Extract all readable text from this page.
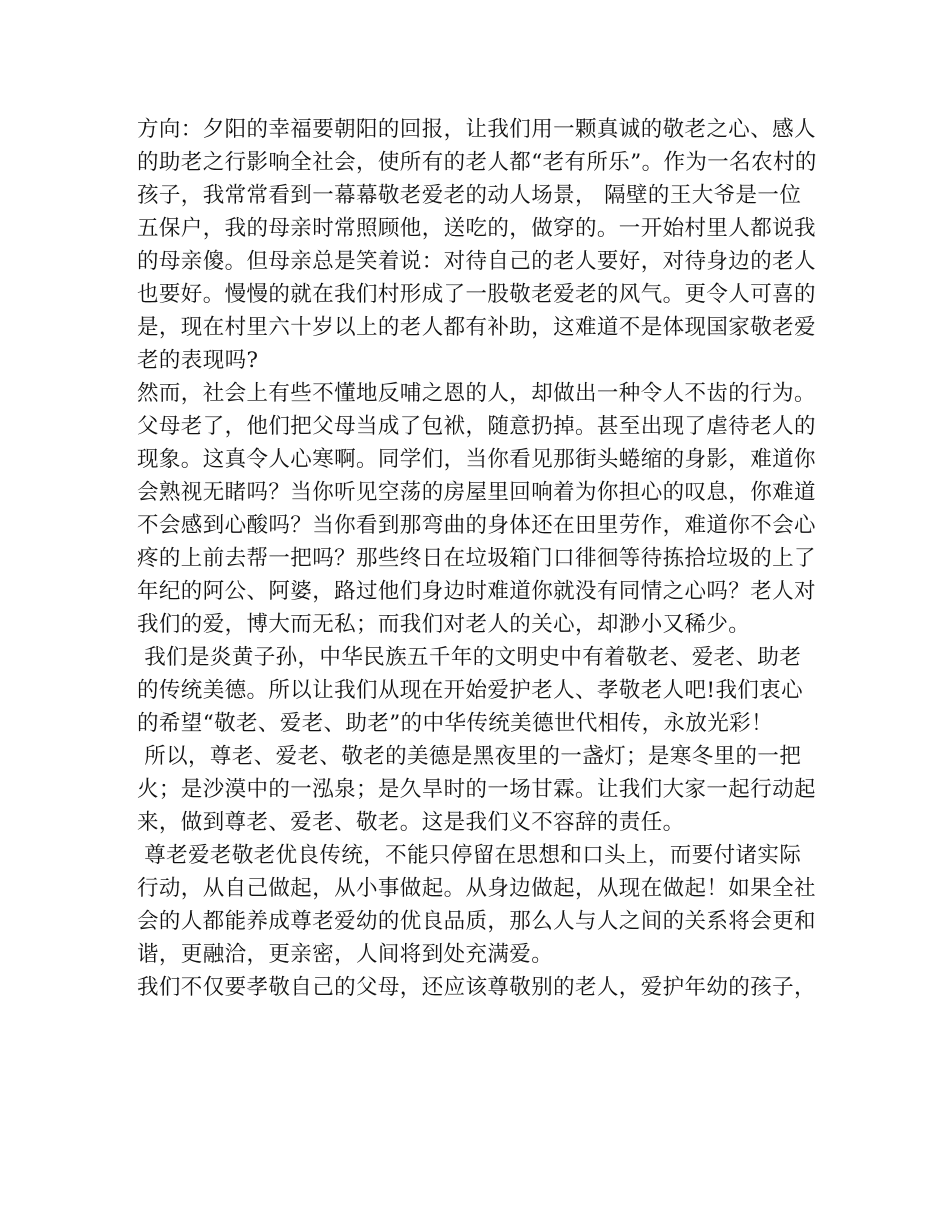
方向：夕阳的幸福要朝阳的回报，让我们用一颗真诚的敬老之心、感人的助老之行影响全社会，使所有的老人都“老有所乐”。作为一名农村的孩子，我常常看到一幕幕敬老爱老的动人场景， 隔壁的王大爷是一位五保户，我的母亲时常照顾他，送吃的，做穿的。一开始村里人都说我的母亲傻。但母亲总是笑着说：对待自己的老人要好，对待身边的老人也要好。慢慢的就在我们村形成了一股敬老爱老的风气。更令人可喜的是，现在村里六十岁以上的老人都有补助，这难道不是体现国家敬老爱老的表现吗?

然而，社会上有些不懂地反哺之恩的人，却做出一种令人不齿的行为。父母老了，他们把父母当成了包袱，随意扔掉。甚至出现了虐待老人的现象。这真令人心寒啊。同学们，当你看见那街头蜷缩的身影，难道你会熟视无睹吗？当你听见空荡的房屋里回响着为你担心的叹息，你难道不会感到心酸吗？当你看到那弯曲的身体还在田里劳作，难道你不会心疼的上前去帮一把吗？那些终日在垃圾箱门口徘徊等待拣拾垃圾的上了年纪的阿公、阿婆，路过他们身边时难道你就没有同情之心吗？老人对我们的爱，博大而无私；而我们对老人的关心，却渺小又稀少。

我们是炎黄子孙，中华民族五千年的文明史中有着敬老、爱老、助老的传统美德。所以让我们从现在开始爱护老人、孝敬老人吧!我们衷心的希望“敬老、爱老、助老”的中华传统美德世代相传，永放光彩！

所以，尊老、爱老、敬老的美德是黑夜里的一盏灯；是寒冬里的一把火；是沙漠中的一泓泉；是久旱时的一场甘霖。让我们大家一起行动起来，做到尊老、爱老、敬老。这是我们义不容辞的责任。

尊老爱老敬老优良传统，不能只停留在思想和口头上，而要付诸实际行动，从自己做起，从小事做起。从身边做起，从现在做起！如果全社会的人都能养成尊老爱幼的优良品质，那么人与人之间的关系将会更和谐，更融洽，更亲密，人间将到处充满爱。

我们不仅要孝敬自己的父母，还应该尊敬别的老人，爱护年幼的孩子，
